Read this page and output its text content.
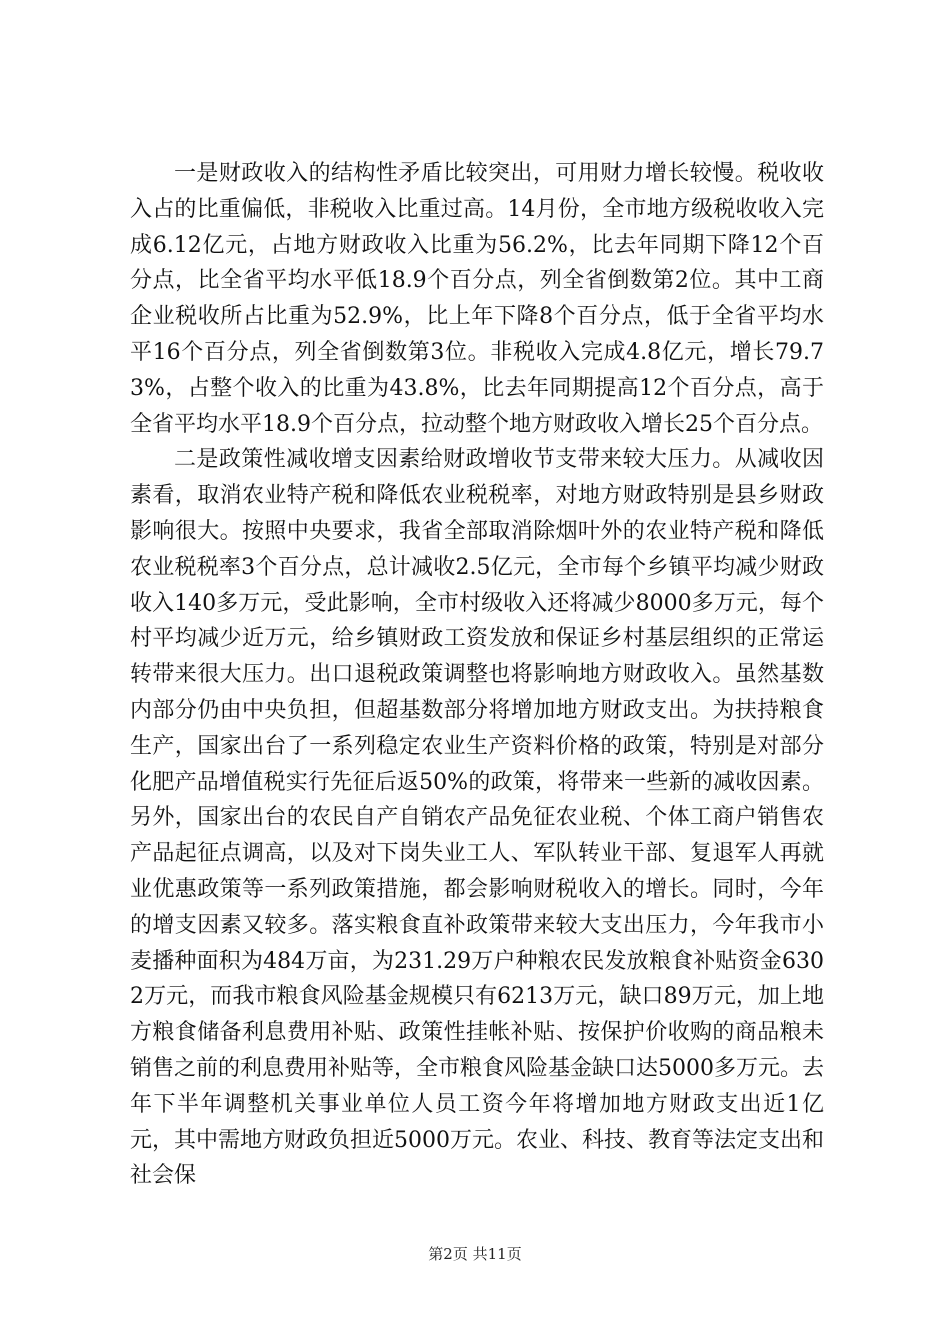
一是财政收入的结构性矛盾比较突出，可用财力增长较慢。税收收入占的比重偏低，非税收入比重过高。14月份，全市地方级税收收入完成6.12亿元，占地方财政收入比重为56.2%，比去年同期下降12个百分点，比全省平均水平低18.9个百分点，列全省倒数第2位。其中工商企业税收所占比重为52.9%，比上年下降8个百分点，低于全省平均水平16个百分点，列全省倒数第3位。非税收入完成4.8亿元，增长79.73%，占整个收入的比重为43.8%，比去年同期提高12个百分点，高于全省平均水平18.9个百分点，拉动整个地方财政收入增长25个百分点。

二是政策性减收增支因素给财政增收节支带来较大压力。从减收因素看，取消农业特产税和降低农业税税率，对地方财政特别是县乡财政影响很大。按照中央要求，我省全部取消除烟叶外的农业特产税和降低农业税税率3个百分点，总计减收2.5亿元，全市每个乡镇平均减少财政收入140多万元，受此影响，全市村级收入还将减少8000多万元，每个村平均减少近万元，给乡镇财政工资发放和保证乡村基层组织的正常运转带来很大压力。出口退税政策调整也将影响地方财政收入。虽然基数内部分仍由中央负担，但超基数部分将增加地方财政支出。为扶持粮食生产，国家出台了一系列稳定农业生产资料价格的政策，特别是对部分化肥产品增值税实行先征后返50%的政策，将带来一些新的减收因素。另外，国家出台的农民自产自销农产品免征农业税、个体工商户销售农产品起征点调高，以及对下岗失业工人、军队转业干部、复退军人再就业优惠政策等一系列政策措施，都会影响财税收入的增长。同时，今年的增支因素又较多。落实粮食直补政策带来较大支出压力，今年我市小麦播种面积为484万亩，为231.29万户种粮农民发放粮食补贴资金6302万元，而我市粮食风险基金规模只有6213万元，缺口89万元，加上地方粮食储备利息费用补贴、政策性挂帐补贴、按保护价收购的商品粮未销售之前的利息费用补贴等，全市粮食风险基金缺口达5000多万元。去年下半年调整机关事业单位人员工资今年将增加地方财政支出近1亿元，其中需地方财政负担近5000万元。农业、科技、教育等法定支出和社会保

第2页 共11页
